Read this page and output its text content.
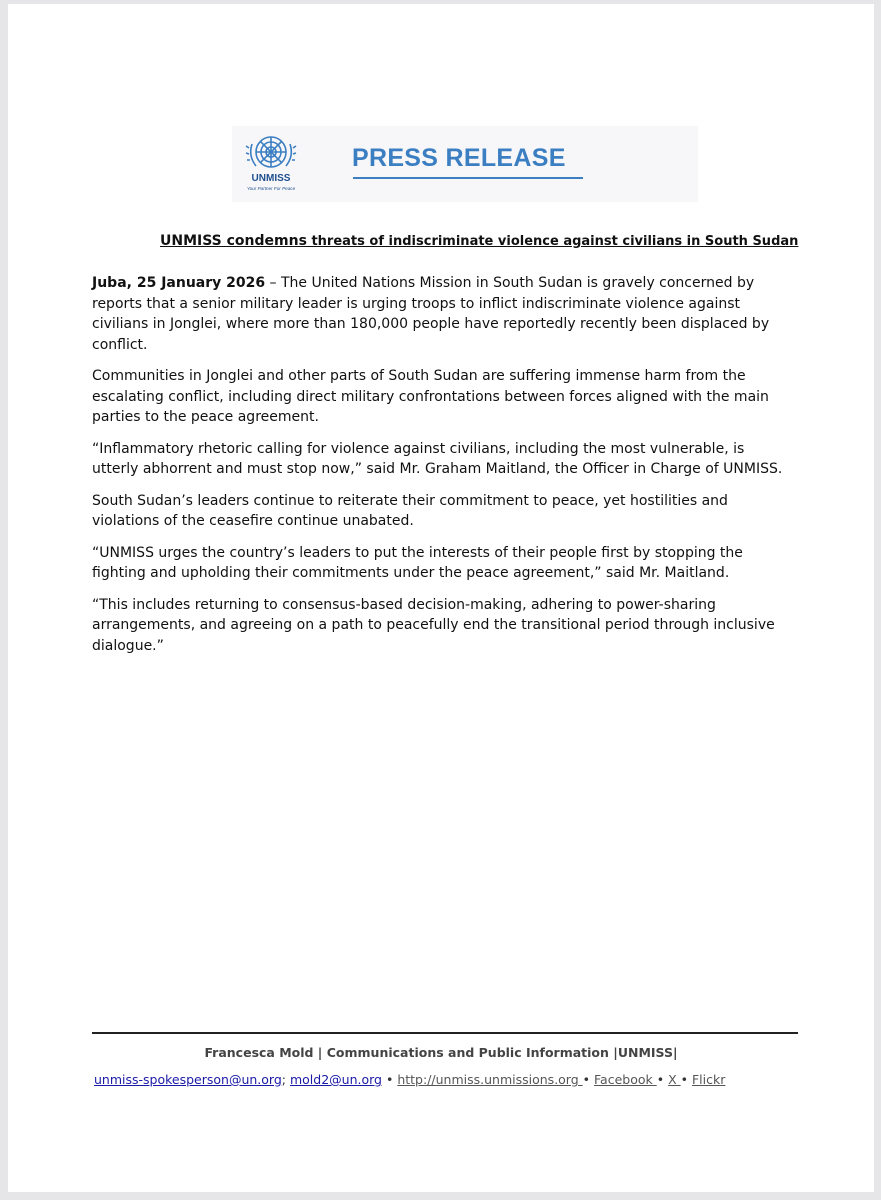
UNMISS
Your Partner For Peace
PRESS RELEASE
UNMISS condemns threats of indiscriminate violence against civilians in South Sudan

Juba, 25 January 2026 – The United Nations Mission in South Sudan is gravely concerned by reports that a senior military leader is urging troops to inflict indiscriminate violence against civilians in Jonglei, where more than 180,000 people have reportedly recently been displaced by conflict.

Communities in Jonglei and other parts of South Sudan are suffering immense harm from the escalating conflict, including direct military confrontations between forces aligned with the main parties to the peace agreement.

“Inflammatory rhetoric calling for violence against civilians, including the most vulnerable, is utterly abhorrent and must stop now,” said Mr. Graham Maitland, the Officer in Charge of UNMISS.

South Sudan’s leaders continue to reiterate their commitment to peace, yet hostilities and violations of the ceasefire continue unabated.

“UNMISS urges the country’s leaders to put the interests of their people first by stopping the fighting and upholding their commitments under the peace agreement,” said Mr. Maitland.

“This includes returning to consensus-based decision-making, adhering to power-sharing arrangements, and agreeing on a path to peacefully end the transitional period through inclusive dialogue.”

Francesca Mold | Communications and Public Information |UNMISS|
unmiss-spokesperson@un.org; mold2@un.org • http://unmiss.unmissions.org • Facebook • X • Flickr
